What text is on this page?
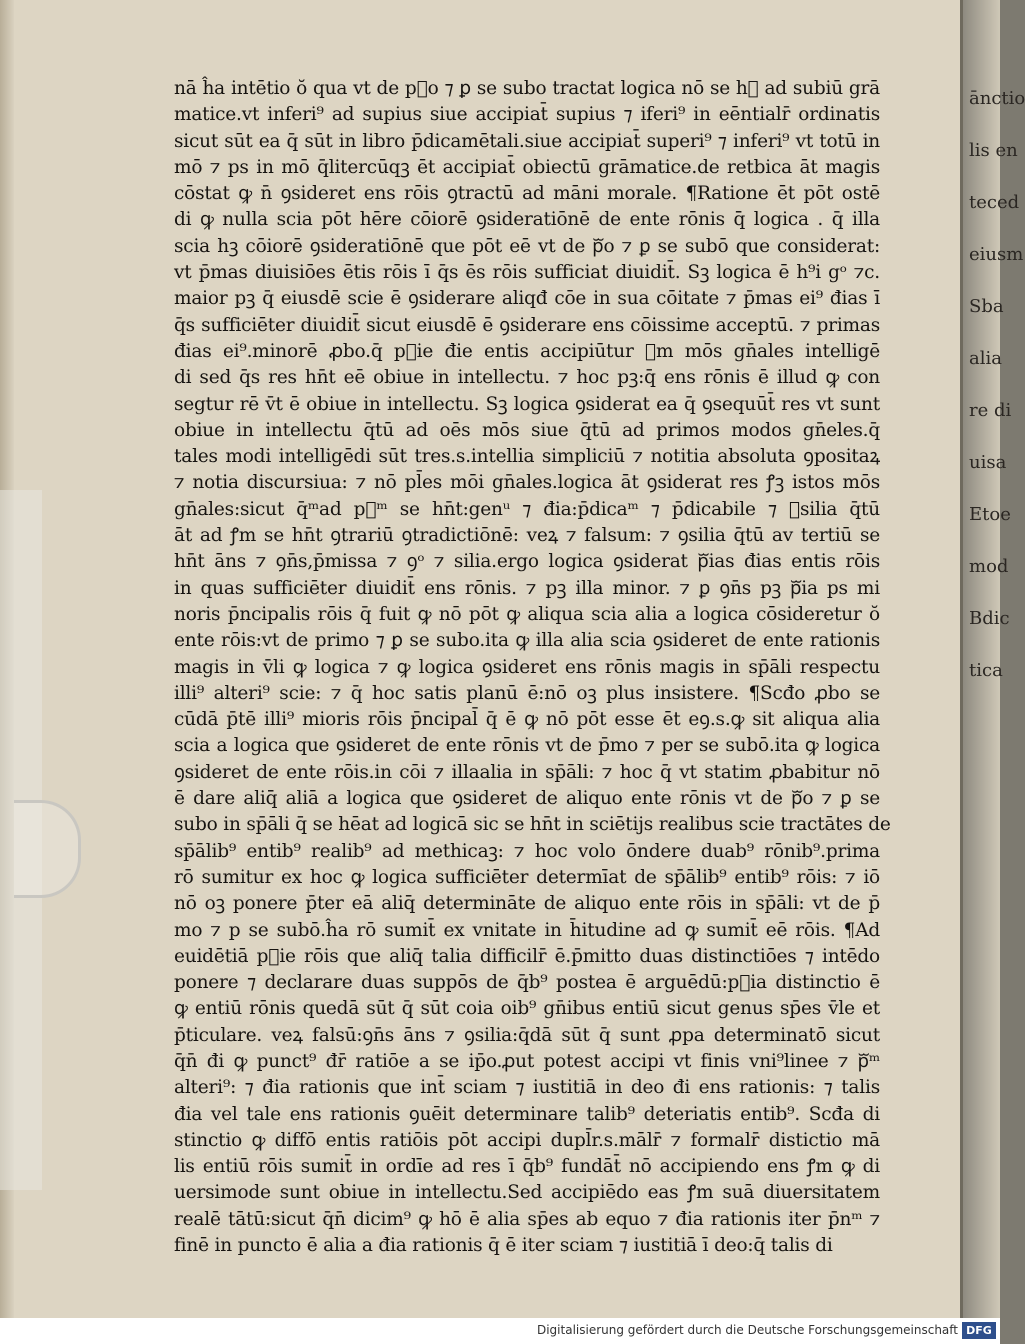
nā ĥa intētio ŏ qua vt de pᷓo ⁊ ꝑ se subo tractat logica nō se hꝫ ad subiū grā
matice.vt inferi⁹ ad supius siue accipiat̄ supius ⁊ iferi⁹ in eēntialr̄ ordinatis
sicut sūt ea q̄ sūt in libro p̄dicamētali.siue accipiat̄ superi⁹ ⁊ inferi⁹ vt totū in
mō ⁊ ps in mō q̄litercūqꝫ ēt accipiat̄ obiectū grāmatice.de retbica āt magis
cōstat ꝙ n̄ ꝯsideret ens rōis ꝯtractū ad māni morale. ¶Ratione ēt pōt ostē
di ꝙ nulla scia pōt hēre cōiorē ꝯsideratiōnē de ente rōnis q̄̄ logica . q̄ illa
scia hꝫ cōiorē ꝯsideratiōnē que pōt eē vt de pᷓo ⁊ ꝑ se subō que considerat:
vt p̄mas diuisiōes ētis rōis ī q̄s ēs rōis sufficiat diuidit̄. Sꝫ logica ē h⁹i gᵒ ⁊c.
maior pꝫ q̄ eiusdē scie ē ꝯsiderare aliqđ cōe in sua cōitate ⁊ p̄mas ei⁹ đias ī
q̄s sufficiēter diuidit̄ sicut eiusdē ē ꝯsiderare ens cōissime acceptū. ⁊ primas
đias ei⁹.minorē ꝓbo.q̄ pᷓie đie entis accipiūtur ꝭm mōs gn̄ales intelligē
di sed q̄s res hn̄t eē obiue in intellectu. ⁊ hoc pꝫ:q̄ ens rōnis ē illud ꝙ con
segtur rē v̄t ē obiue in intellectu. Sꝫ logica ꝯsiderat ea q̄ ꝯsequūt̄ res vt sunt
obiue in intellectu q̄tū ad oēs mōs siue q̄tū ad primos modos gn̄eles.q̄
tales modi intelligēdi sūt tres.s.intelli̇a simpliciū ⁊ notitia absoluta ꝯpositaꝝ
⁊ notia discursiua: ⁊ nō pl̄es mōi gn̄ales.logica āt ꝯsiderat res ꝭꝫ istos mōs
gn̄ales:sicut q̄ᵐad pᷓᵐ se hn̄t:genᵘ ⁊ đia:p̄dicaᵐ ⁊ p̄dicabile ⁊ ꝯsilia q̄tū
āt ad ꝭm se hn̄t ꝯtrariū ꝯtradictiōnē: veꝝ ⁊ falsum: ⁊ ꝯsilia q̄tū av tertiū se
hn̄t āns ⁊ ꝯn̄s,p̄missa ⁊ ꝯᵒ ⁊ silia.ergo logica ꝯsiderat pᷓias đias entis rōis
in quas sufficiēter diuidit̄ ens rōnis. ⁊ pꝫ illa minor. ⁊ ꝑ ꝯn̄s pꝫ pᷓia ps mi
noris p̄ncipalis rōis q̄ fuit ꝙ nō pōt ꝙ aliqua scia alia a logica cōsideretur ŏ
ente rōis:vt de primo ⁊ ꝑ se subo.ita ꝙ illa alia scia ꝯsideret de ente rationis
magis in v̄li ꝙ logica ⁊ ꝙ logica ꝯsideret ens rōnis magis in sp̄āli respectu
illi⁹ alteri⁹ scie: ⁊ q̄ hoc satis planū ē:nō oꝫ plus insistere. ¶Scđo ꝓbo se
cūdā p̄tē illi⁹ mioris rōis p̄ncipal̄ q̄ ē ꝙ nō pōt esse ēt eꝯ.s.ꝙ sit aliqua alia
scia a logica que ꝯsideret de ente rōnis vt de p̄mo ⁊ per se subō.ita ꝙ logica
ꝯsideret de ente rōis.in cōi ⁊ illaalia in sp̄āli: ⁊ hoc q̄ vt statim ꝓbabitur nō
ē dare aliq̄̄ aliā a logica que ꝯsideret de aliquo ente rōnis vt de pᷓo ⁊ ꝑ se
subo in sp̄āli q̄ se hēat ad logicā sic se hn̄t in sciētijs realibus scie tractātes de
sp̄ālib⁹ entib⁹ realib⁹ ad methicaꝫ: ⁊ hoc volo ōndere duab⁹ rōnib⁹.prima
rō sumitur ex hoc ꝙ logica sufficiēter determīat de sp̄ālib⁹ entib⁹ rōis: ⁊ iō
nō oꝫ ponere p̄ter eā aliq̄̄ determināte de aliquo ente rōis in sp̄āli: vt de p̄
mo ⁊ p se subō.ĥa rō sumit̄ ex vnitate in h̄itudine ad ꝙ sumit̄ eē rōis. ¶Ad
euidētiā pᷓie rōis que aliq̄ talia difficilr̄ ē.p̄mitto duas distinctiōes ⁊ intēdo
ponere ⁊ declarare duas suppōs de q̄b⁹ postea ē arguēdū:pᷓia distinctio ē
ꝙ entiū rōnis quedā sūt q̄ sūt coia oib⁹ gn̄ibus entiū sicut genus sp̄es v̄le et
p̄ticulare. veꝝ falsū:ꝯn̄s āns ⁊ ꝯsilia:q̄dā sūt q̄ sunt ꝓpa determinatō sicut
q̄n̄ đi ꝙ punct⁹ đr̄ ratiōe a se ip̄o.ꝓut potest accipi vt finis vni⁹linee ⁊ pᷓᵐ
alteri⁹: ⁊ đia rationis que int̄ sciam ⁊ iustitiā in deo đi ens rationis: ⁊ talis
đia vel tale ens rationis ꝯuēit determinare talib⁹ deteriatis entib⁹. Scđa di
stinctio ꝙ diffō entis ratiōis pōt accipi dupl̄r.s.mālr̄ ⁊ formalr̄ distictio mā
lis entiū rōis sumit̄ in ordīe ad res ī q̄b⁹ fundāt̄ nō accipiendo ens ꝭm ꝙ di
uersimode sunt obiue in intellectu.Sed accipiēdo eas ꝭm suā diuersitatem
realē tātū:sicut q̄n̄ dicim⁹ ꝙ hō ē alia sp̄es ab equo ⁊ đia rationis iter p̄nᵐ ⁊
finē in puncto ē alia a đia rationis q̄ ē iter sciam ⁊ iustitiā ī deo:q̄ talis di
ānctio
lis en
teced
eiusm
Sba
alia
re di
uisa
Etoe
mod
Bdic
tica
Digitalisierung gefördert durch die Deutsche Forschungsgemeinschaft DFG
